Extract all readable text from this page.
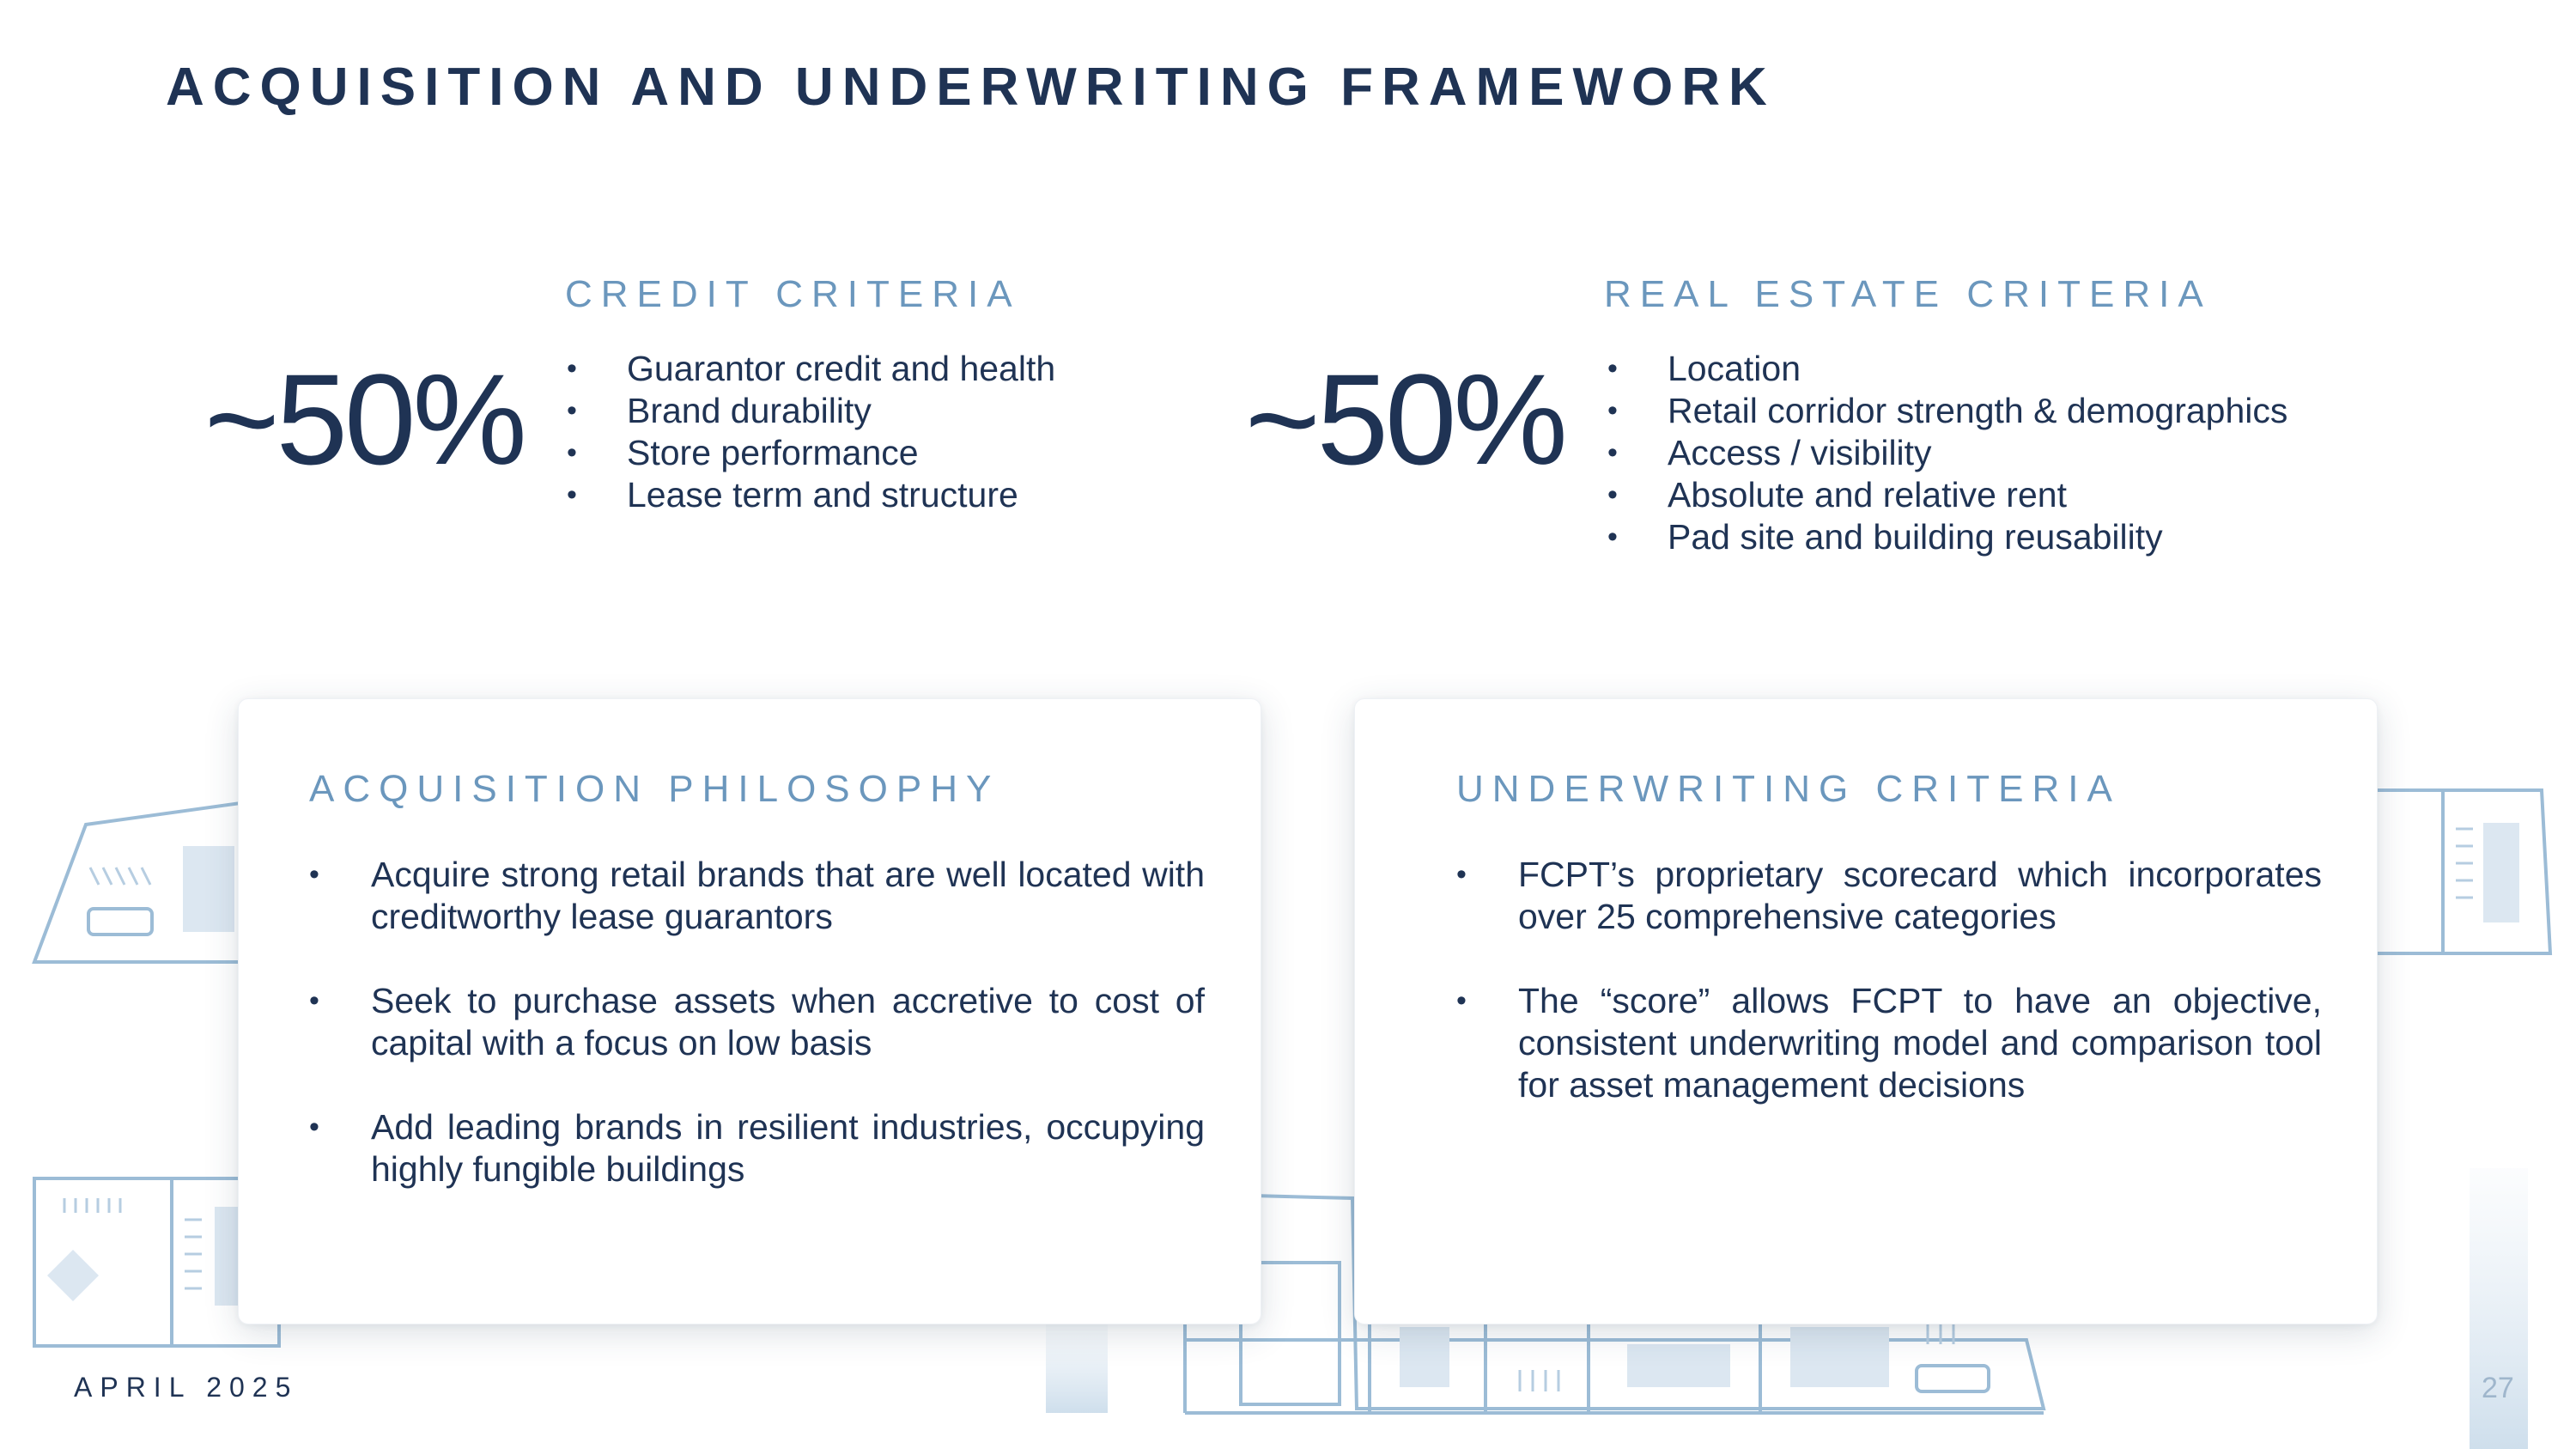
ACQUISITION AND UNDERWRITING FRAMEWORK
CREDIT CRITERIA
~50% • Guarantor credit and health
• Brand durability
• Store performance
• Lease term and structure
REAL ESTATE CRITERIA
~50% • Location
• Retail corridor strength & demographics
• Access / visibility
• Absolute and relative rent
• Pad site and building reusability
ACQUISITION PHILOSOPHY
• Acquire strong retail brands that are well located with creditworthy lease guarantors
• Seek to purchase assets when accretive to cost of capital with a focus on low basis
• Add leading brands in resilient industries, occupying highly fungible buildings
UNDERWRITING CRITERIA
• FCPT’s proprietary scorecard which incorporates over 25 comprehensive categories
• The “score” allows FCPT to have an objective, consistent underwriting model and comparison tool for asset management decisions
APRIL 2025	27
